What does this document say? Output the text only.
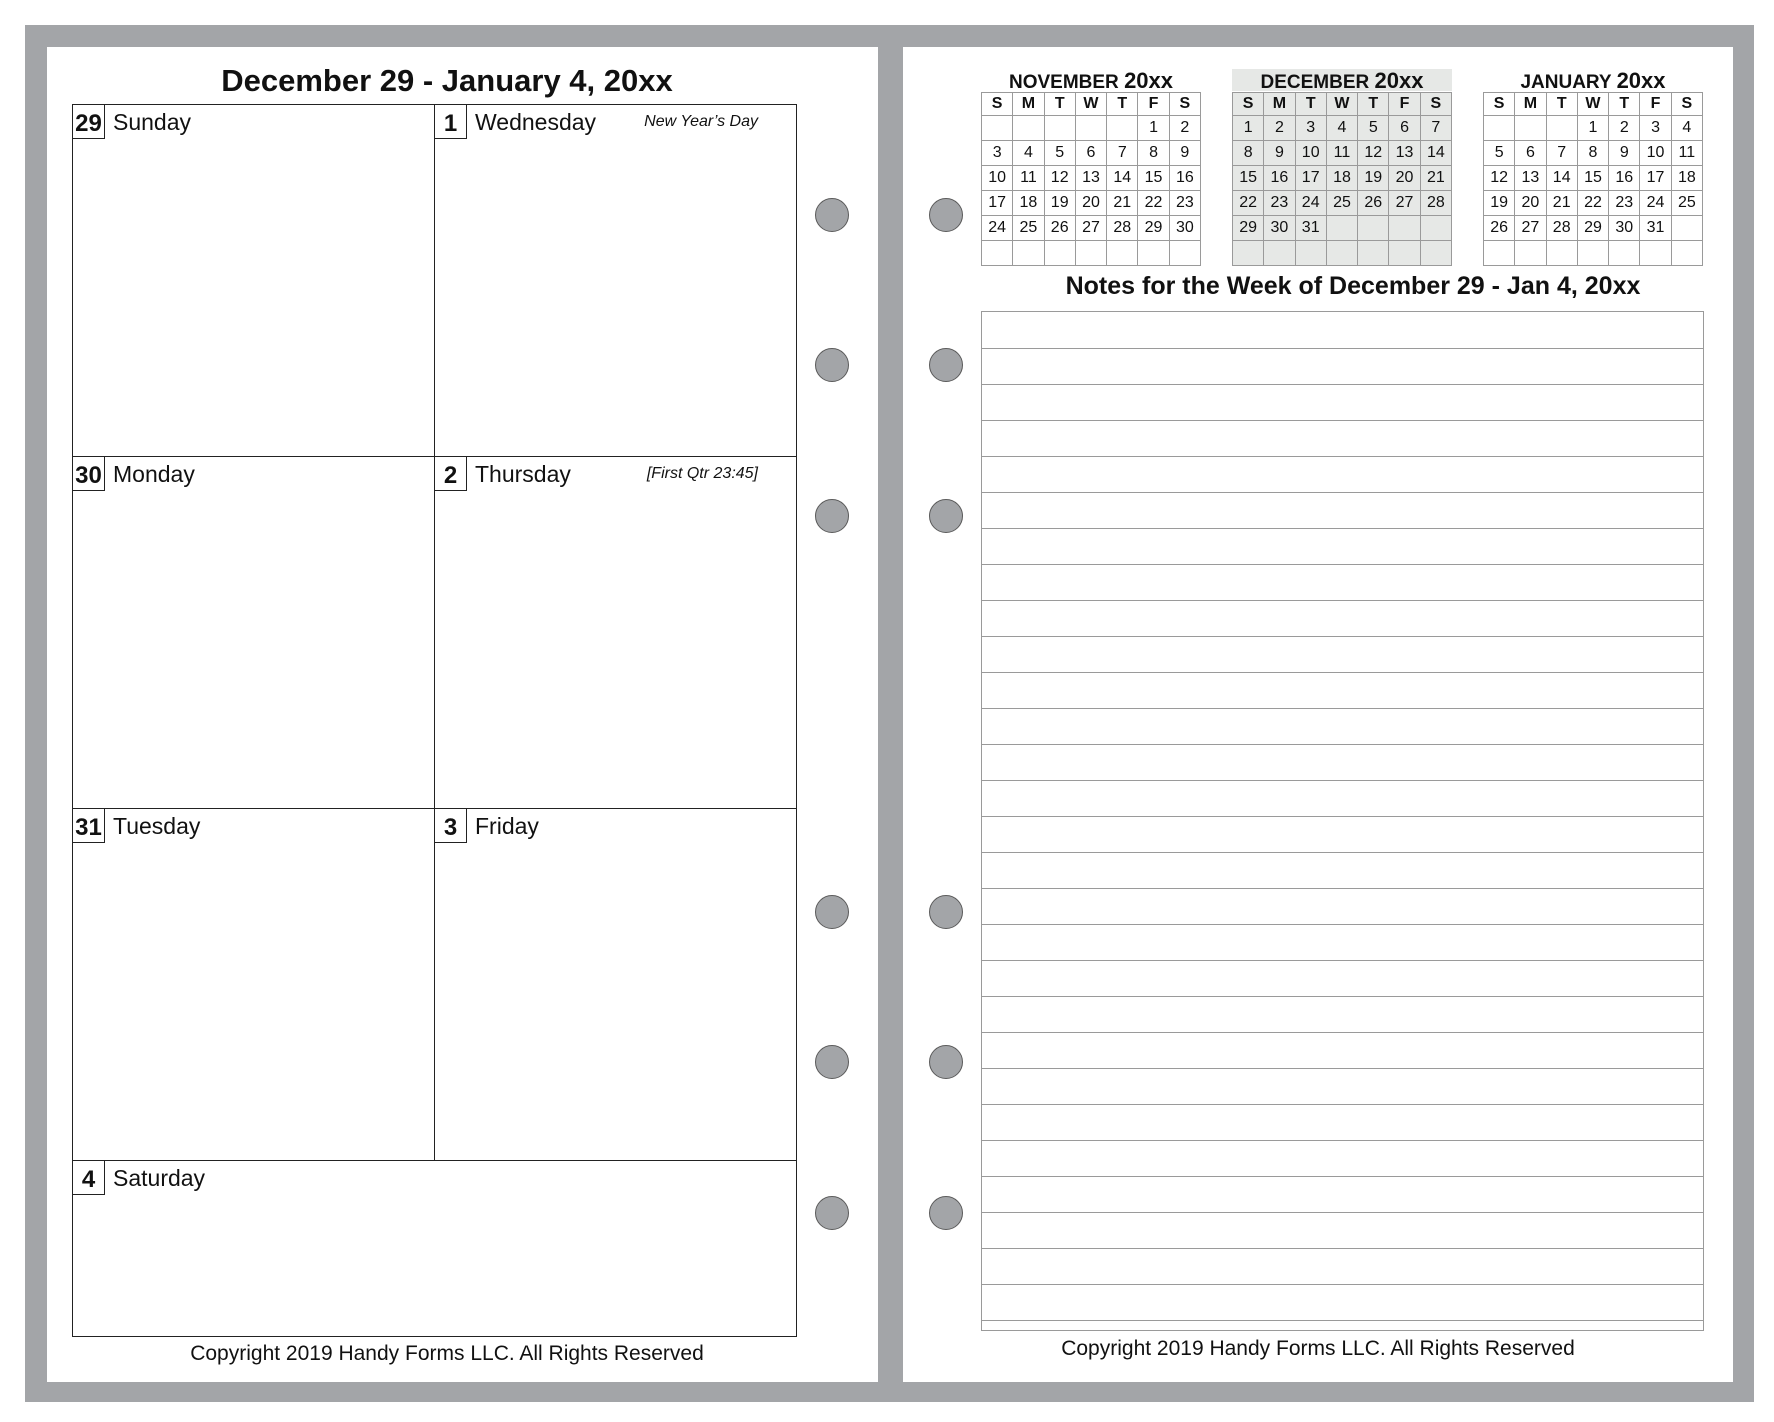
December 29 - January 4, 20xx
29 Sunday	1 Wednesday	New Year’s Day
30 Monday	2 Thursday	[First Qtr 23:45]
31 Tuesday	3 Friday
4 Saturday
Copyright 2019 Handy Forms LLC. All Rights Reserved
NOVEMBER 20xx
S	M	T	W	T	F	S
					1	2
3	4	5	6	7	8	9
10	11	12	13	14	15	16
17	18	19	20	21	22	23
24	25	26	27	28	29	30

DECEMBER 20xx
S	M	T	W	T	F	S
1	2	3	4	5	6	7
8	9	10	11	12	13	14
15	16	17	18	19	20	21
22	23	24	25	26	27	28
29	30	31				

JANUARY 20xx
S	M	T	W	T	F	S
			1	2	3	4
5	6	7	8	9	10	11
12	13	14	15	16	17	18
19	20	21	22	23	24	25
26	27	28	29	30	31	

Notes for the Week of December 29 - Jan 4, 20xx
Copyright 2019 Handy Forms LLC. All Rights Reserved
